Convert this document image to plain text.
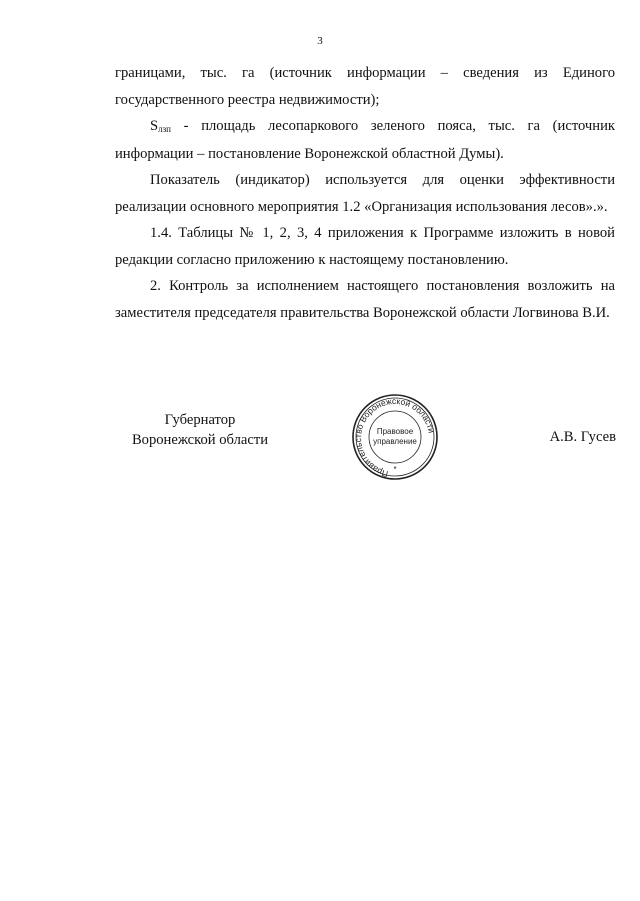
3

границами, тыс. га (источник информации – сведения из Единого государственного реестра недвижимости);

Sлзп - площадь лесопаркового зеленого пояса, тыс. га (источник информации – постановление Воронежской областной Думы).

Показатель (индикатор) используется для оценки эффективности реализации основного мероприятия 1.2 «Организация использования лесов».».

1.4. Таблицы № 1, 2, 3, 4 приложения к Программе изложить в новой редакции согласно приложению к настоящему постановлению.

2. Контроль за исполнением настоящего постановления возложить на заместителя председателя правительства Воронежской области Логвинова В.И.

Губернатор
Воронежской области
Правительство Воронежской области
Правовое
управление
*
А.В. Гусев
